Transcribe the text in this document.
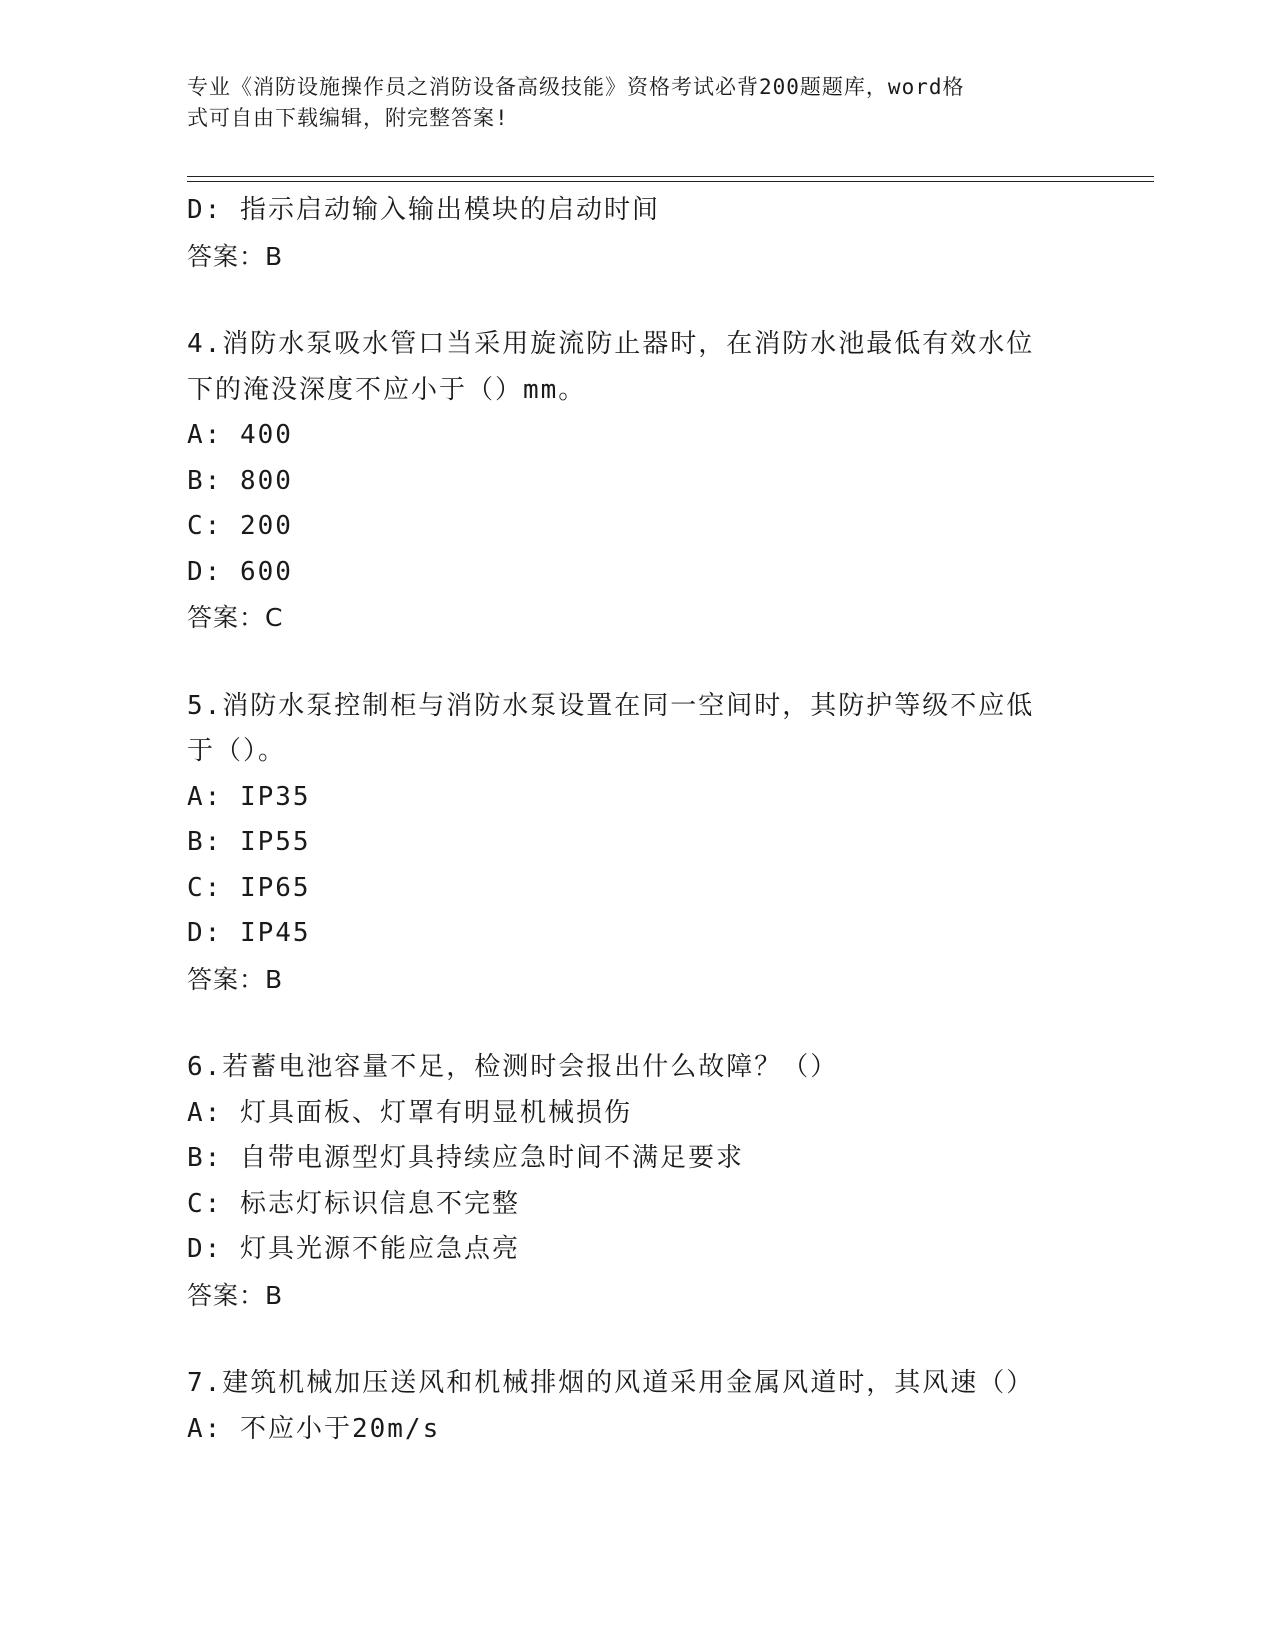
专业《消防设施操作员之消防设备高级技能》资格考试必背200题题库，word格
式可自由下载编辑，附完整答案!
D: 指示启动输入输出模块的启动时间
答案：B
4.消防水泵吸水管口当采用旋流防止器时，在消防水池最低有效水位
下的淹没深度不应小于（）mm。
A: 400
B: 800
C: 200
D: 600
答案：C
5.消防水泵控制柜与消防水泵设置在同一空间时，其防护等级不应低
于（）。
A: IP35
B: IP55
C: IP65
D: IP45
答案：B
6.若蓄电池容量不足，检测时会报出什么故障？（）
A: 灯具面板、灯罩有明显机械损伤
B: 自带电源型灯具持续应急时间不满足要求
C: 标志灯标识信息不完整
D: 灯具光源不能应急点亮
答案：B
7.建筑机械加压送风和机械排烟的风道采用金属风道时，其风速（）
A: 不应小于20m/s
